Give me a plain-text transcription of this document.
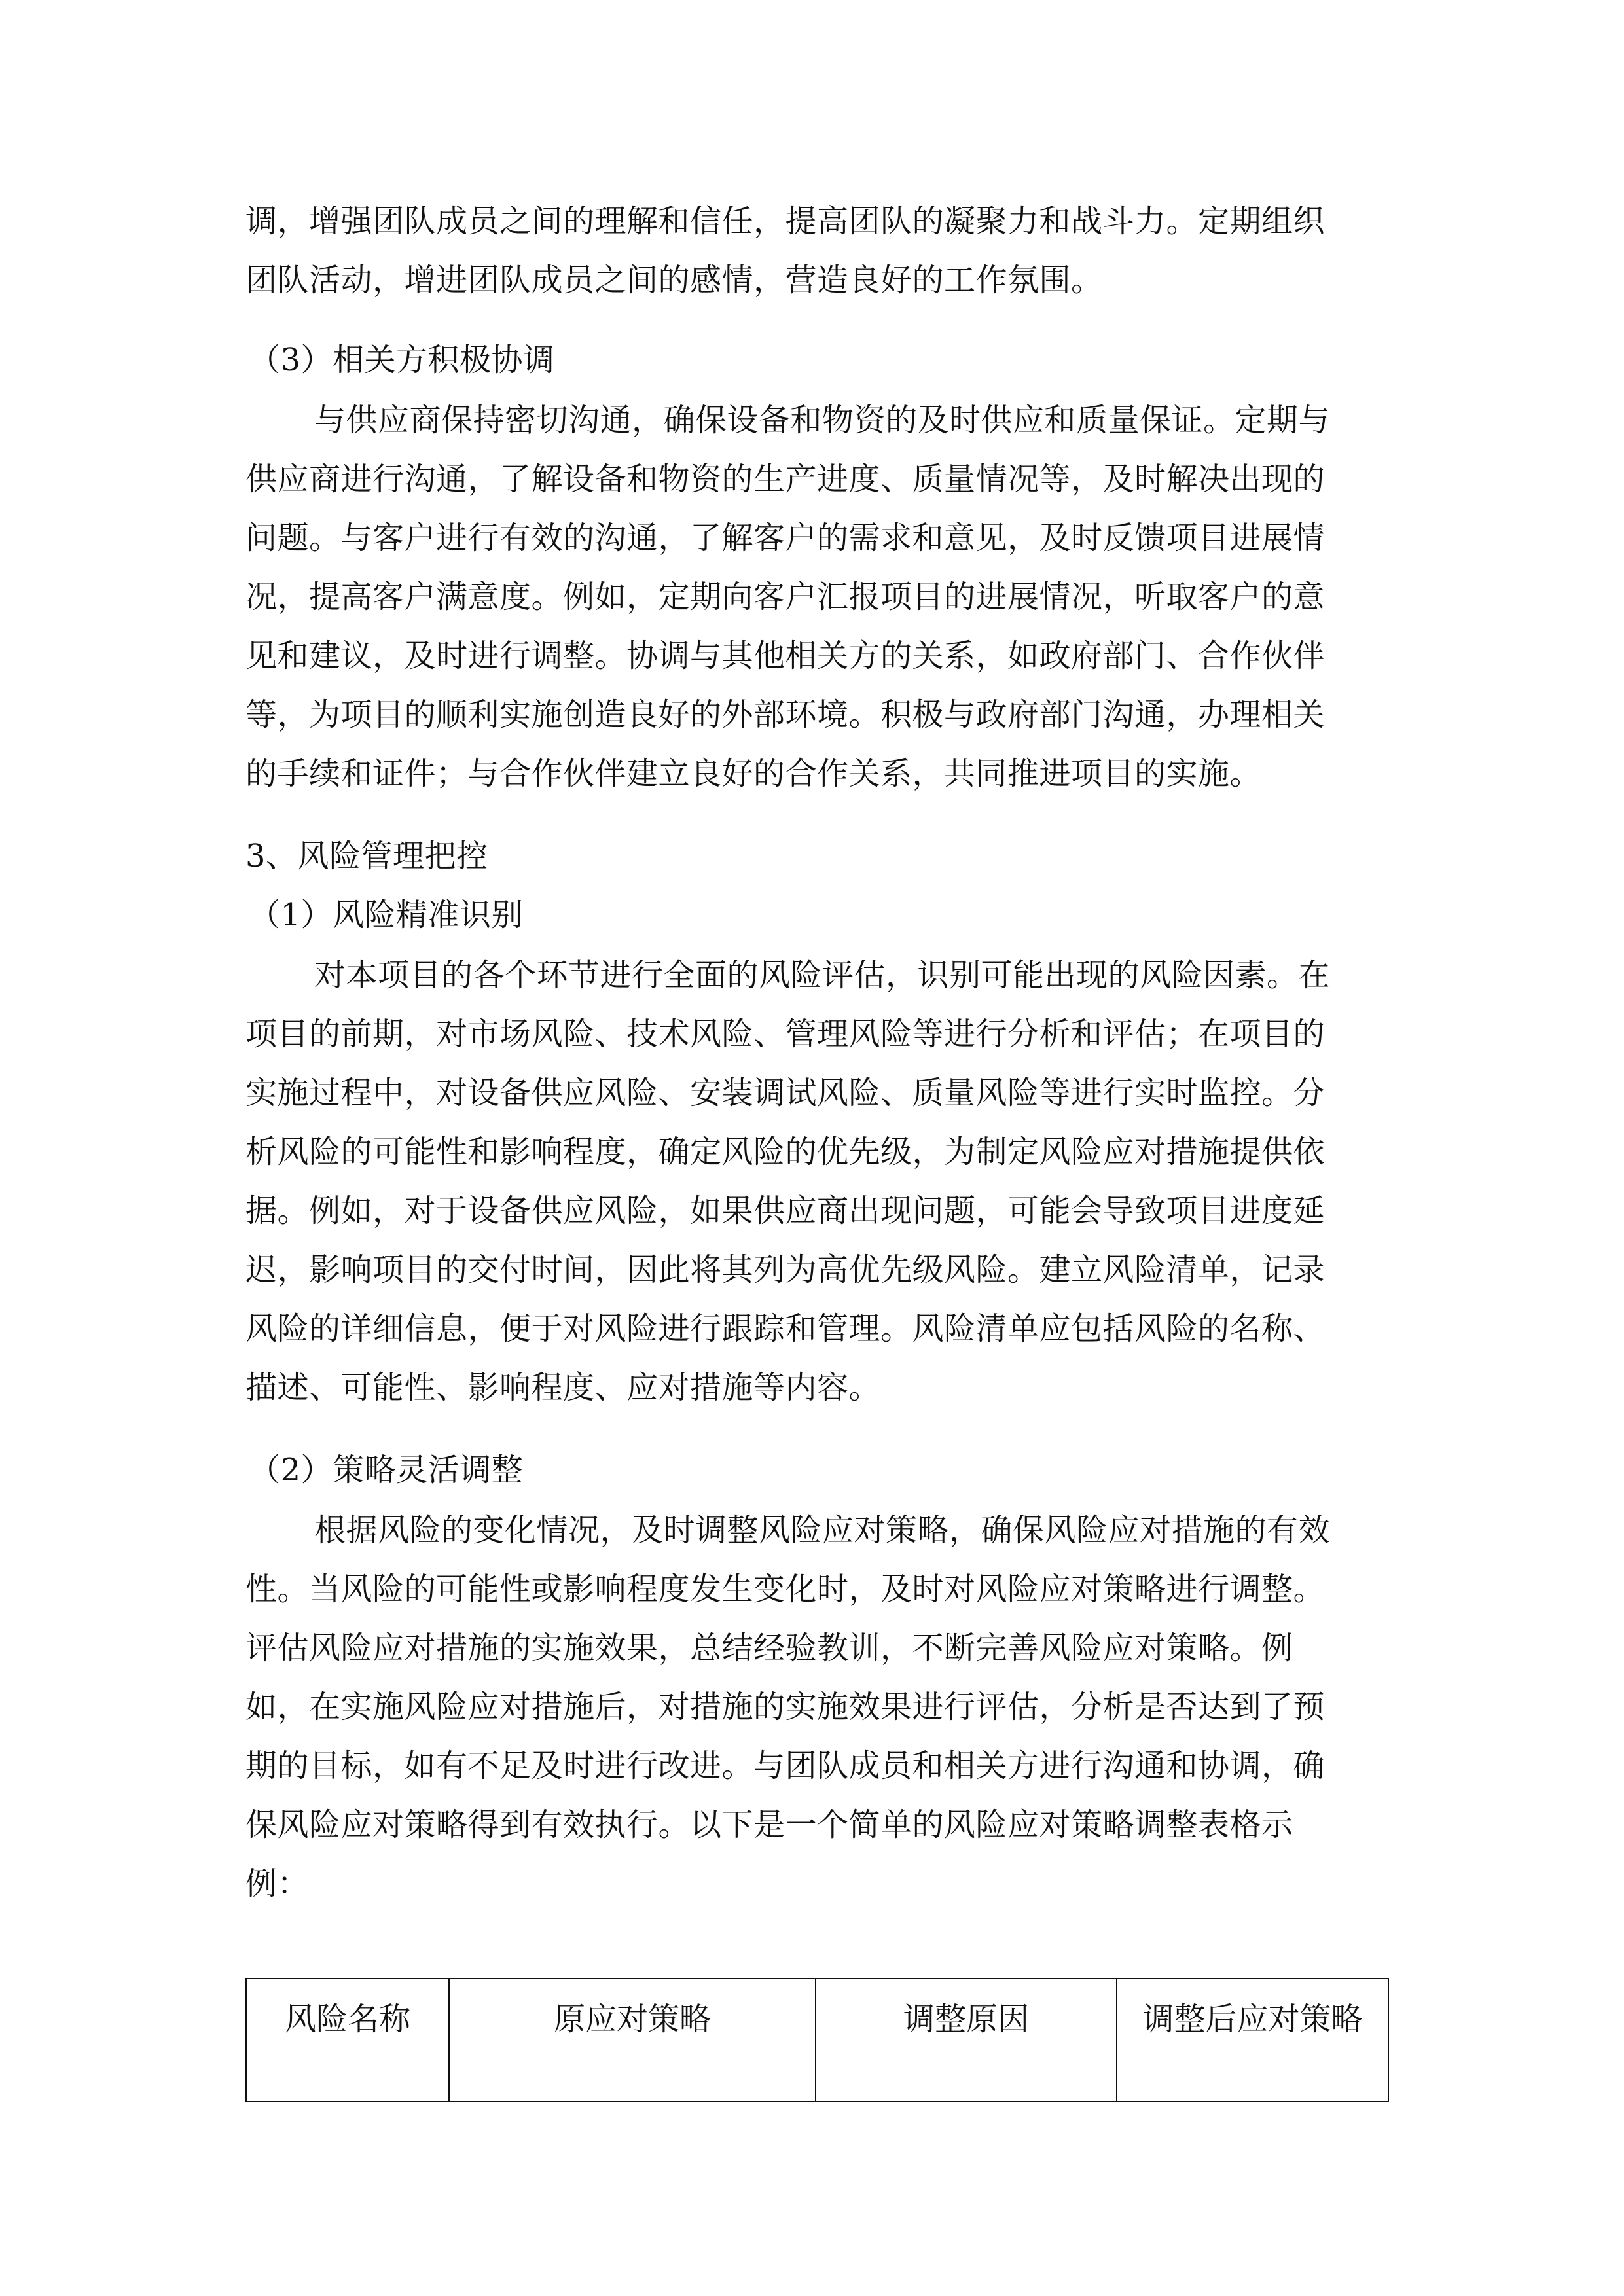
调，增强团队成员之间的理解和信任，提高团队的凝聚力和战斗力。定期组织
团队活动，增进团队成员之间的感情，营造良好的工作氛围。
（3）相关方积极协调
与供应商保持密切沟通，确保设备和物资的及时供应和质量保证。定期与
供应商进行沟通，了解设备和物资的生产进度、质量情况等，及时解决出现的
问题。与客户进行有效的沟通，了解客户的需求和意见，及时反馈项目进展情
况，提高客户满意度。例如，定期向客户汇报项目的进展情况，听取客户的意
见和建议，及时进行调整。协调与其他相关方的关系，如政府部门、合作伙伴
等，为项目的顺利实施创造良好的外部环境。积极与政府部门沟通，办理相关
的手续和证件；与合作伙伴建立良好的合作关系，共同推进项目的实施。
3、风险管理把控
（1）风险精准识别
对本项目的各个环节进行全面的风险评估，识别可能出现的风险因素。在
项目的前期，对市场风险、技术风险、管理风险等进行分析和评估；在项目的
实施过程中，对设备供应风险、安装调试风险、质量风险等进行实时监控。分
析风险的可能性和影响程度，确定风险的优先级，为制定风险应对措施提供依
据。例如，对于设备供应风险，如果供应商出现问题，可能会导致项目进度延
迟，影响项目的交付时间，因此将其列为高优先级风险。建立风险清单，记录
风险的详细信息，便于对风险进行跟踪和管理。风险清单应包括风险的名称、
描述、可能性、影响程度、应对措施等内容。
（2）策略灵活调整
根据风险的变化情况，及时调整风险应对策略，确保风险应对措施的有效
性。当风险的可能性或影响程度发生变化时，及时对风险应对策略进行调整。
评估风险应对措施的实施效果，总结经验教训，不断完善风险应对策略。例
如，在实施风险应对措施后，对措施的实施效果进行评估，分析是否达到了预
期的目标，如有不足及时进行改进。与团队成员和相关方进行沟通和协调，确
保风险应对策略得到有效执行。以下是一个简单的风险应对策略调整表格示
例：
风险名称	原应对策略	调整原因	调整后应对策略
